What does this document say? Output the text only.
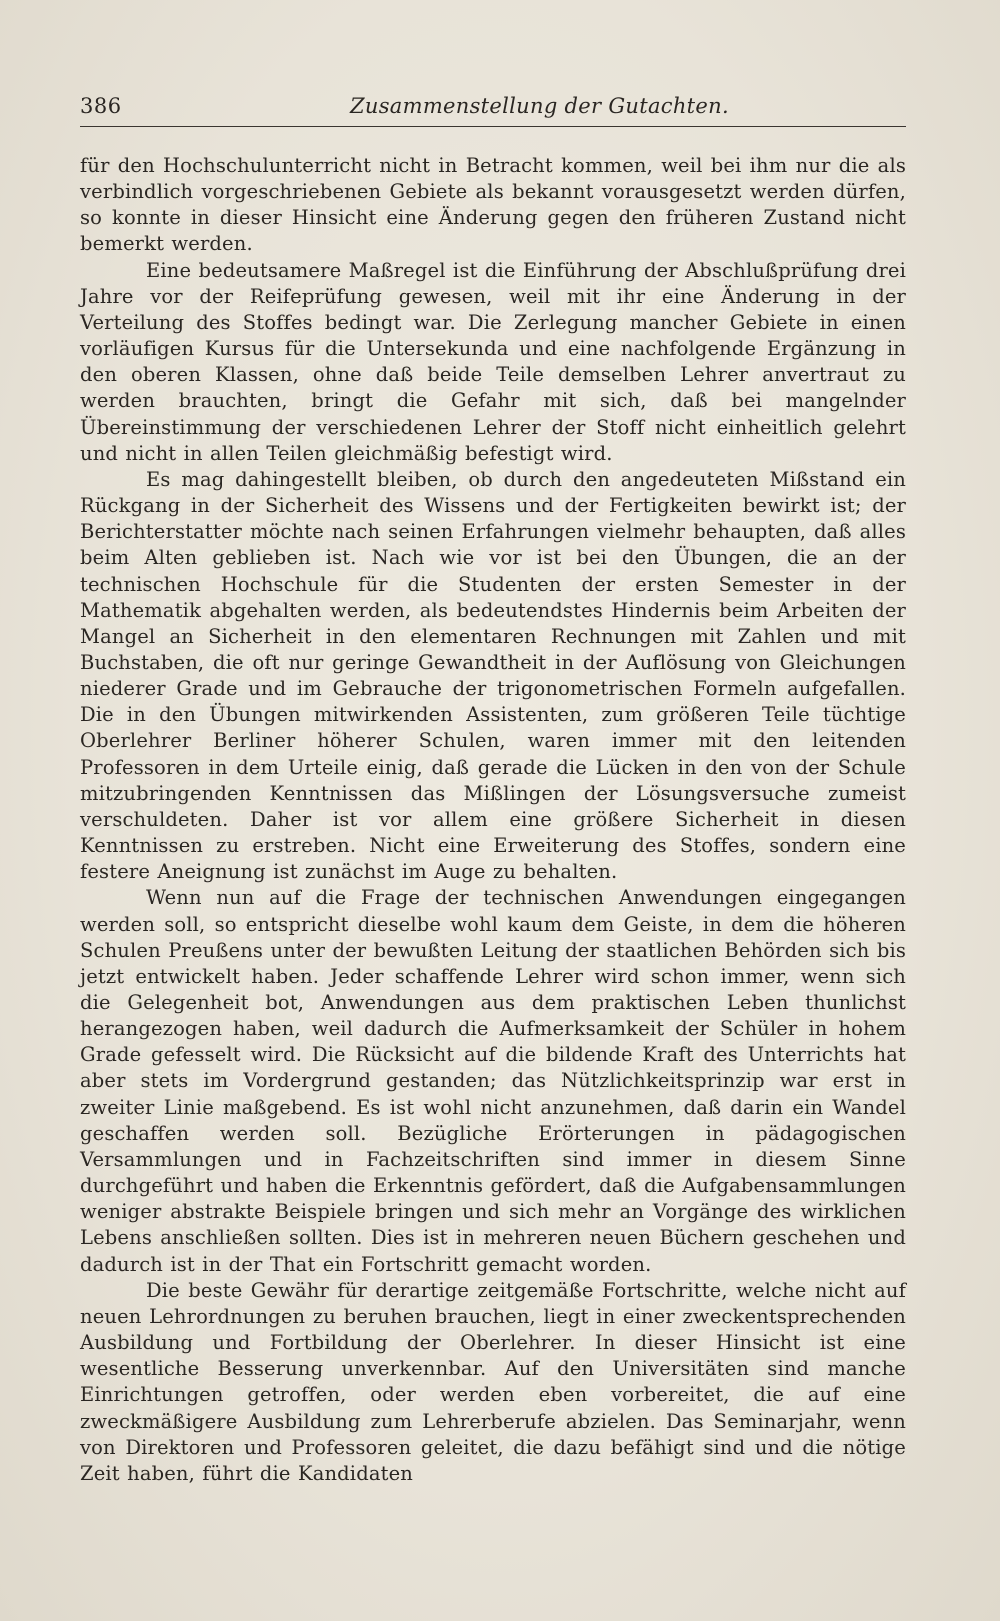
386	Zusammenstellung der Gutachten.

für den Hochschulunterricht nicht in Betracht kommen, weil bei ihm nur die als verbindlich vorgeschriebenen Gebiete als bekannt vorausgesetzt werden dürfen, so konnte in dieser Hinsicht eine Änderung gegen den früheren Zustand nicht bemerkt werden.

Eine bedeutsamere Maßregel ist die Einführung der Abschlußprüfung drei Jahre vor der Reifeprüfung gewesen, weil mit ihr eine Änderung in der Verteilung des Stoffes bedingt war. Die Zerlegung mancher Gebiete in einen vorläufigen Kursus für die Untersekunda und eine nachfolgende Ergänzung in den oberen Klassen, ohne daß beide Teile demselben Lehrer anvertraut zu werden brauchten, bringt die Gefahr mit sich, daß bei mangelnder Übereinstimmung der verschiedenen Lehrer der Stoff nicht einheitlich gelehrt und nicht in allen Teilen gleichmäßig befestigt wird.

Es mag dahingestellt bleiben, ob durch den angedeuteten Mißstand ein Rückgang in der Sicherheit des Wissens und der Fertigkeiten bewirkt ist; der Berichterstatter möchte nach seinen Erfahrungen vielmehr behaupten, daß alles beim Alten geblieben ist. Nach wie vor ist bei den Übungen, die an der technischen Hochschule für die Studenten der ersten Semester in der Mathematik abgehalten werden, als bedeutendstes Hindernis beim Arbeiten der Mangel an Sicherheit in den elementaren Rechnungen mit Zahlen und mit Buchstaben, die oft nur geringe Gewandtheit in der Auflösung von Gleichungen niederer Grade und im Gebrauche der trigonometrischen Formeln aufgefallen. Die in den Übungen mitwirkenden Assistenten, zum größeren Teile tüchtige Oberlehrer Berliner höherer Schulen, waren immer mit den leitenden Professoren in dem Urteile einig, daß gerade die Lücken in den von der Schule mitzubringenden Kenntnissen das Mißlingen der Lösungsversuche zumeist verschuldeten. Daher ist vor allem eine größere Sicherheit in diesen Kenntnissen zu erstreben. Nicht eine Erweiterung des Stoffes, sondern eine festere Aneignung ist zunächst im Auge zu behalten.

Wenn nun auf die Frage der technischen Anwendungen eingegangen werden soll, so entspricht dieselbe wohl kaum dem Geiste, in dem die höheren Schulen Preußens unter der bewußten Leitung der staatlichen Behörden sich bis jetzt entwickelt haben. Jeder schaffende Lehrer wird schon immer, wenn sich die Gelegenheit bot, Anwendungen aus dem praktischen Leben thunlichst herangezogen haben, weil dadurch die Aufmerksamkeit der Schüler in hohem Grade gefesselt wird. Die Rücksicht auf die bildende Kraft des Unterrichts hat aber stets im Vordergrund gestanden; das Nützlichkeitsprinzip war erst in zweiter Linie maßgebend. Es ist wohl nicht anzunehmen, daß darin ein Wandel geschaffen werden soll. Bezügliche Erörterungen in pädagogischen Versammlungen und in Fachzeitschriften sind immer in diesem Sinne durchgeführt und haben die Erkenntnis gefördert, daß die Aufgabensammlungen weniger abstrakte Beispiele bringen und sich mehr an Vorgänge des wirklichen Lebens anschließen sollten. Dies ist in mehreren neuen Büchern geschehen und dadurch ist in der That ein Fortschritt gemacht worden.

Die beste Gewähr für derartige zeitgemäße Fortschritte, welche nicht auf neuen Lehrordnungen zu beruhen brauchen, liegt in einer zweckentsprechenden Ausbildung und Fortbildung der Oberlehrer. In dieser Hinsicht ist eine wesentliche Besserung unverkennbar. Auf den Universitäten sind manche Einrichtungen getroffen, oder werden eben vorbereitet, die auf eine zweckmäßigere Ausbildung zum Lehrerberufe abzielen. Das Seminarjahr, wenn von Direktoren und Professoren geleitet, die dazu befähigt sind und die nötige Zeit haben, führt die Kandidaten
